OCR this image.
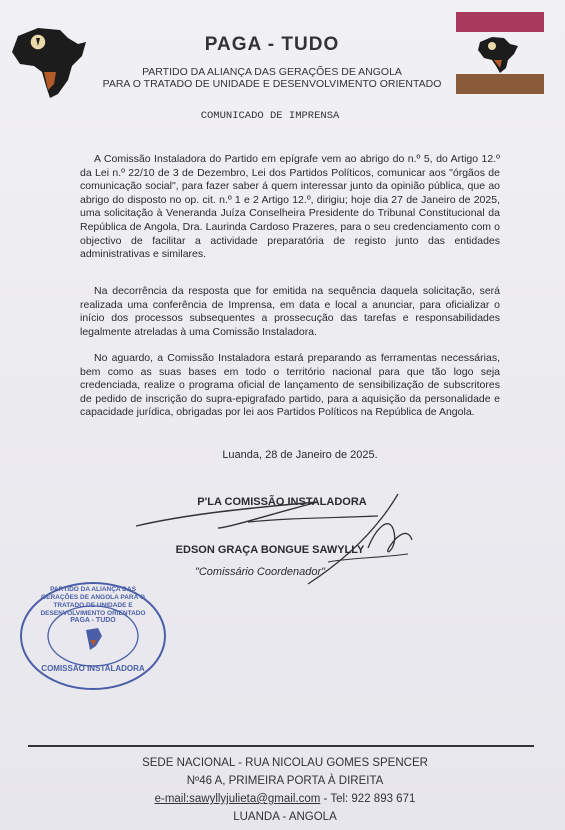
PAGA - TUDO
PARTIDO DA ALIANÇA DAS GERAÇÕES DE ANGOLA
PARA O TRATADO DE UNIDADE E DESENVOLVIMENTO ORIENTADO
COMUNICADO DE IMPRENSA
A Comissão Instaladora do Partido em epígrafe vem ao abrigo do n.º 5, do Artigo 12.º da Lei n.º 22/10 de 3 de Dezembro, Lei dos Partidos Políticos, comunicar aos "órgãos de comunicação social", para fazer saber á quem interessar junto da opinião pública, que ao abrigo do disposto no op. cit. n.º 1 e 2 Artigo 12.º, dirigiu; hoje dia 27 de Janeiro de 2025, uma solicitação à Veneranda Juíza Conselheira Presidente do Tribunal Constitucional da República de Angola, Dra. Laurinda Cardoso Prazeres, para o seu credenciamento com o objectivo de facilitar a actividade preparatória de registo junto das entidades administrativas e similares.
Na decorrência da resposta que for emitida na sequência daquela solicitação, será realizada uma conferência de Imprensa, em data e local a anunciar, para oficializar o início dos processos subsequentes a prossecução das tarefas e responsabilidades legalmente atreladas à uma Comissão Instaladora.
No aguardo, a Comissão Instaladora estará preparando as ferramentas necessárias, bem como as suas bases em todo o território nacional para que tão logo seja credenciada, realize o programa oficial de lançamento de sensibilização de subscritores de pedido de inscrição do supra-epigrafado partido, para a aquisição da personalidade e capacidade jurídica, obrigadas por lei aos Partidos Políticos na República de Angola.
Luanda, 28 de Janeiro de 2025.
P'LA COMISSÃO INSTALADORA
EDSON GRAÇA BONGUE SAWYLLY
"Comissário Coordenador"
PARTIDO DA ALIANÇA DAS GERAÇÕES DE ANGOLA PARA O TRATADO DE UNIDADE E DESENVOLVIMENTO ORIENTADO
PAGA - TUDO
COMISSÃO INSTALADORA
SEDE NACIONAL - RUA NICOLAU GOMES SPENCER
Nº46 A, PRIMEIRA PORTA À DIREITA
e-mail:sawyllyjulieta@gmail.com - Tel: 922 893 671
LUANDA - ANGOLA
